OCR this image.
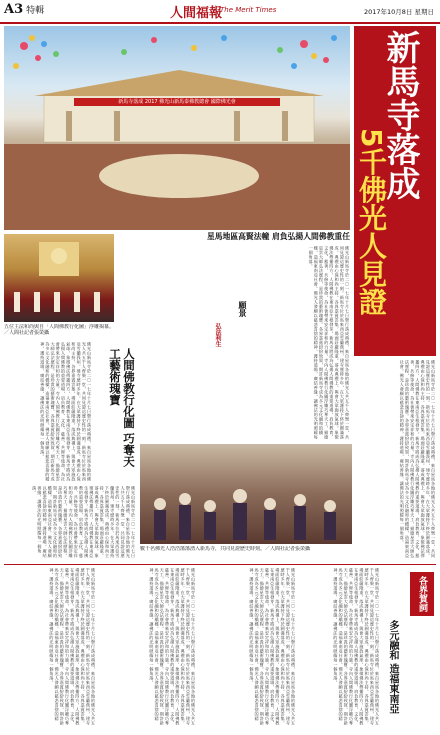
A3 特輯	人間福報
The Merit Times	2017年10月8日 星期日
新馬寺落成 2017 佛光山新馬泰佛教總會 國際佛光會	新馬寺落成
5千佛光人見證
星馬地區高賢法幢 肩負弘揚人間佛教重任
五位主法和尚與自「人間佛教行化圖」浮雕揭幕。／人間社記者張榮攝	佛光山新馬寺於二〇一七年十月七日舉行落成典禮，來自星馬各地的佛光人共五千人齊聚一堂，共同見證這歷史性的一刻。新馬寺位於馬來西亞雪蘭莪州，建寺歷時多年，在大眾護持下終於圓滿落成。典禮由心保和尚主持，各界嘉賓雲集，場面莊嚴隆重。落成典禮上，與會大眾施放氣球，象徵佛法傳播四方，人間佛教在東南亞生根發芽。新馬寺將成為弘揚人間佛教的重要道場，肩負教育、文化、慈善、共修等使命，為社會帶來安定祥和的力量。寺內人間佛教行化圖浮雕巧奪天工，描繪星雲大師弘法歷程，是珍貴的藝術瑰寶。各界嘉賓紛紛致賀，期許新馬寺成為多元文化融和的橋樑，造福東南亞社會。佛光人發願以慈悲喜捨的精神，護持道場，廣結善緣，讓佛法的光明照耀每一個角落。
願景
弘法利生
佛光山新馬寺於二〇一七年十月七日舉行落成典禮，來自星馬各地的佛光人共五千人齊聚一堂，共同見證這歷史性的一刻。新馬寺位於馬來西亞雪蘭莪州，建寺歷時多年，在大眾護持下終於圓滿落成。典禮由心保和尚主持，各界嘉賓雲集，場面莊嚴隆重。落成典禮上，與會大眾施放氣球，象徵佛法傳播四方，人間佛教在東南亞生根發芽。新馬寺將成為弘揚人間佛教的重要道場，肩負教育、文化、慈善、共修等使命，為社會帶來安定祥和的力量。寺內人間佛教行化圖浮雕巧奪天工，描繪星雲大師弘法歷程，是珍貴的藝術瑰寶。各界嘉賓紛紛致賀，期許新馬寺成為多元文化融和的橋樑，造福東南亞社會。佛光人發願以慈悲喜捨的精神，護持道場，廣結善緣，讓佛法的光明照耀每一個角落。	人間佛教行化圖 巧奪天工藝術瑰寶
數千名佛光人浩浩蕩蕩湧入新馬寺，共同見證歷史時刻。／人間社記者張榮攝
佛光山新馬寺於二〇一七年十月七日舉行落成典禮，來自星馬各地的佛光人共五千人齊聚一堂，共同見證這歷史性的一刻。新馬寺位於馬來西亞雪蘭莪州，建寺歷時多年，在大眾護持下終於圓滿落成。典禮由心保和尚主持，各界嘉賓雲集，場面莊嚴隆重。落成典禮上，與會大眾施放氣球，象徵佛法傳播四方，人間佛教在東南亞生根發芽。新馬寺將成為弘揚人間佛教的重要道場，肩負教育、文化、慈善、共修等使命，為社會帶來安定祥和的力量。寺內人間佛教行化圖浮雕巧奪天工，描繪星雲大師弘法歷程，是珍貴的藝術瑰寶。各界嘉賓紛紛致賀，期許新馬寺成為多元文化融和的橋樑，造福東南亞社會。佛光人發願以慈悲喜捨的精神，護持道場，廣結善緣，讓佛法的光明照耀每一個角落。	佛光山新馬寺於二〇一七年十月七日舉行落成典禮，來自星馬各地的佛光人共五千人齊聚一堂，共同見證這歷史性的一刻。新馬寺位於馬來西亞雪蘭莪州，建寺歷時多年，在大眾護持下終於圓滿落成。典禮由心保和尚主持，各界嘉賓雲集，場面莊嚴隆重。落成典禮上，與會大眾施放氣球，象徵佛法傳播四方，人間佛教在東南亞生根發芽。新馬寺將成為弘揚人間佛教的重要道場，肩負教育、文化、慈善、共修等使命，為社會帶來安定祥和的力量。寺內人間佛教行化圖浮雕巧奪天工，描繪星雲大師弘法歷程，是珍貴的藝術瑰寶。各界嘉賓紛紛致賀，期許新馬寺成為多元文化融和的橋樑，造福東南亞社會。佛光人發願以慈悲喜捨的精神，護持道場，廣結善緣，讓佛法的光明照耀每一個角落。
佛光山新馬寺於二〇一七年十月七日舉行落成典禮，來自星馬各地的佛光人共五千人齊聚一堂，共同見證這歷史性的一刻。新馬寺位於馬來西亞雪蘭莪州，建寺歷時多年，在大眾護持下終於圓滿落成。典禮由心保和尚主持，各界嘉賓雲集，場面莊嚴隆重。落成典禮上，與會大眾施放氣球，象徵佛法傳播四方，人間佛教在東南亞生根發芽。新馬寺將成為弘揚人間佛教的重要道場，肩負教育、文化、慈善、共修等使命，為社會帶來安定祥和的力量。寺內人間佛教行化圖浮雕巧奪天工，描繪星雲大師弘法歷程，是珍貴的藝術瑰寶。各界嘉賓紛紛致賀，期許新馬寺成為多元文化融和的橋樑，造福東南亞社會。佛光人發願以慈悲喜捨的精神，護持道場，廣結善緣，讓佛法的光明照耀每一個角落。	佛光山新馬寺於二〇一七年十月七日舉行落成典禮，來自星馬各地的佛光人共五千人齊聚一堂，共同見證這歷史性的一刻。新馬寺位於馬來西亞雪蘭莪州，建寺歷時多年，在大眾護持下終於圓滿落成。典禮由心保和尚主持，各界嘉賓雲集，場面莊嚴隆重。落成典禮上，與會大眾施放氣球，象徵佛法傳播四方，人間佛教在東南亞生根發芽。新馬寺將成為弘揚人間佛教的重要道場，肩負教育、文化、慈善、共修等使命，為社會帶來安定祥和的力量。寺內人間佛教行化圖浮雕巧奪天工，描繪星雲大師弘法歷程，是珍貴的藝術瑰寶。各界嘉賓紛紛致賀，期許新馬寺成為多元文化融和的橋樑，造福東南亞社會。佛光人發願以慈悲喜捨的精神，護持道場，廣結善緣，讓佛法的光明照耀每一個角落。	佛光山新馬寺於二〇一七年十月七日舉行落成典禮，來自星馬各地的佛光人共五千人齊聚一堂，共同見證這歷史性的一刻。新馬寺位於馬來西亞雪蘭莪州，建寺歷時多年，在大眾護持下終於圓滿落成。典禮由心保和尚主持，各界嘉賓雲集，場面莊嚴隆重。落成典禮上，與會大眾施放氣球，象徵佛法傳播四方，人間佛教在東南亞生根發芽。新馬寺將成為弘揚人間佛教的重要道場，肩負教育、文化、慈善、共修等使命，為社會帶來安定祥和的力量。寺內人間佛教行化圖浮雕巧奪天工，描繪星雲大師弘法歷程，是珍貴的藝術瑰寶。各界嘉賓紛紛致賀，期許新馬寺成為多元文化融和的橋樑，造福東南亞社會。佛光人發願以慈悲喜捨的精神，護持道場，廣結善緣，讓佛法的光明照耀每一個角落。	佛光山新馬寺於二〇一七年十月七日舉行落成典禮，來自星馬各地的佛光人共五千人齊聚一堂，共同見證這歷史性的一刻。新馬寺位於馬來西亞雪蘭莪州，建寺歷時多年，在大眾護持下終於圓滿落成。典禮由心保和尚主持，各界嘉賓雲集，場面莊嚴隆重。落成典禮上，與會大眾施放氣球，象徵佛法傳播四方，人間佛教在東南亞生根發芽。新馬寺將成為弘揚人間佛教的重要道場，肩負教育、文化、慈善、共修等使命，為社會帶來安定祥和的力量。寺內人間佛教行化圖浮雕巧奪天工，描繪星雲大師弘法歷程，是珍貴的藝術瑰寶。各界嘉賓紛紛致賀，期許新馬寺成為多元文化融和的橋樑，造福東南亞社會。佛光人發願以慈悲喜捨的精神，護持道場，廣結善緣，讓佛法的光明照耀每一個角落。	各界賀詞
多元融和 造福東南亞
